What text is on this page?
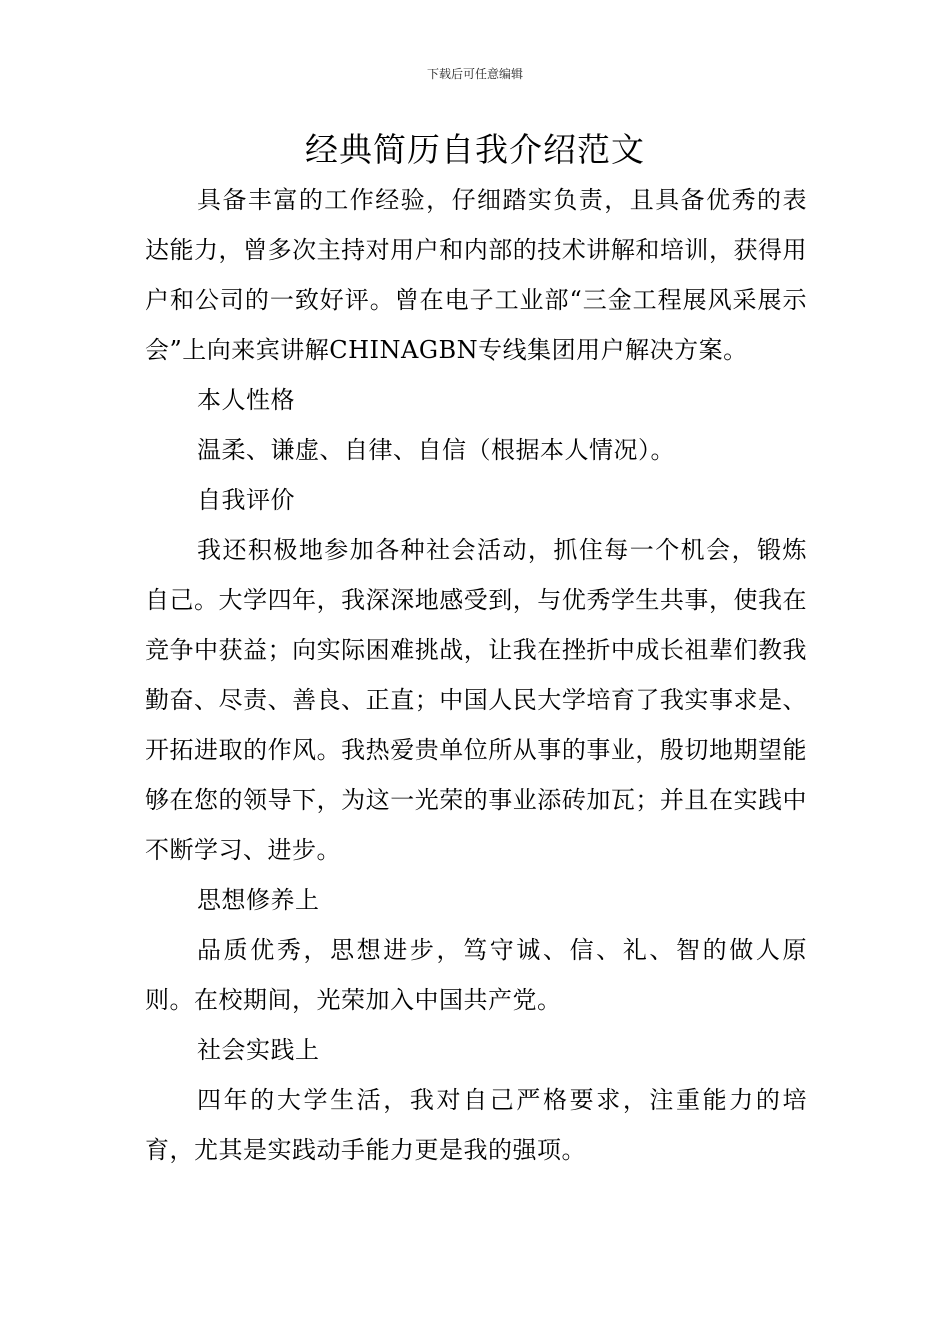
下载后可任意编辑
经典简历自我介绍范文

具备丰富的工作经验，仔细踏实负责，且具备优秀的表达能力，曾多次主持对用户和内部的技术讲解和培训，获得用户和公司的一致好评。曾在电子工业部“三金工程展风采展示会”上向来宾讲解CHINAGBN专线集团用户解决方案。

本人性格

温柔、谦虚、自律、自信（根据本人情况）。

自我评价

我还积极地参加各种社会活动，抓住每一个机会，锻炼自己。大学四年，我深深地感受到，与优秀学生共事，使我在竞争中获益；向实际困难挑战，让我在挫折中成长祖辈们教我勤奋、尽责、善良、正直；中国人民大学培育了我实事求是、开拓进取的作风。我热爱贵单位所从事的事业，殷切地期望能够在您的领导下，为这一光荣的事业添砖加瓦；并且在实践中不断学习、进步。

思想修养上

品质优秀，思想进步，笃守诚、信、礼、智的做人原则。在校期间，光荣加入中国共产党。

社会实践上

四年的大学生活，我对自己严格要求，注重能力的培育，尤其是实践动手能力更是我的强项。
